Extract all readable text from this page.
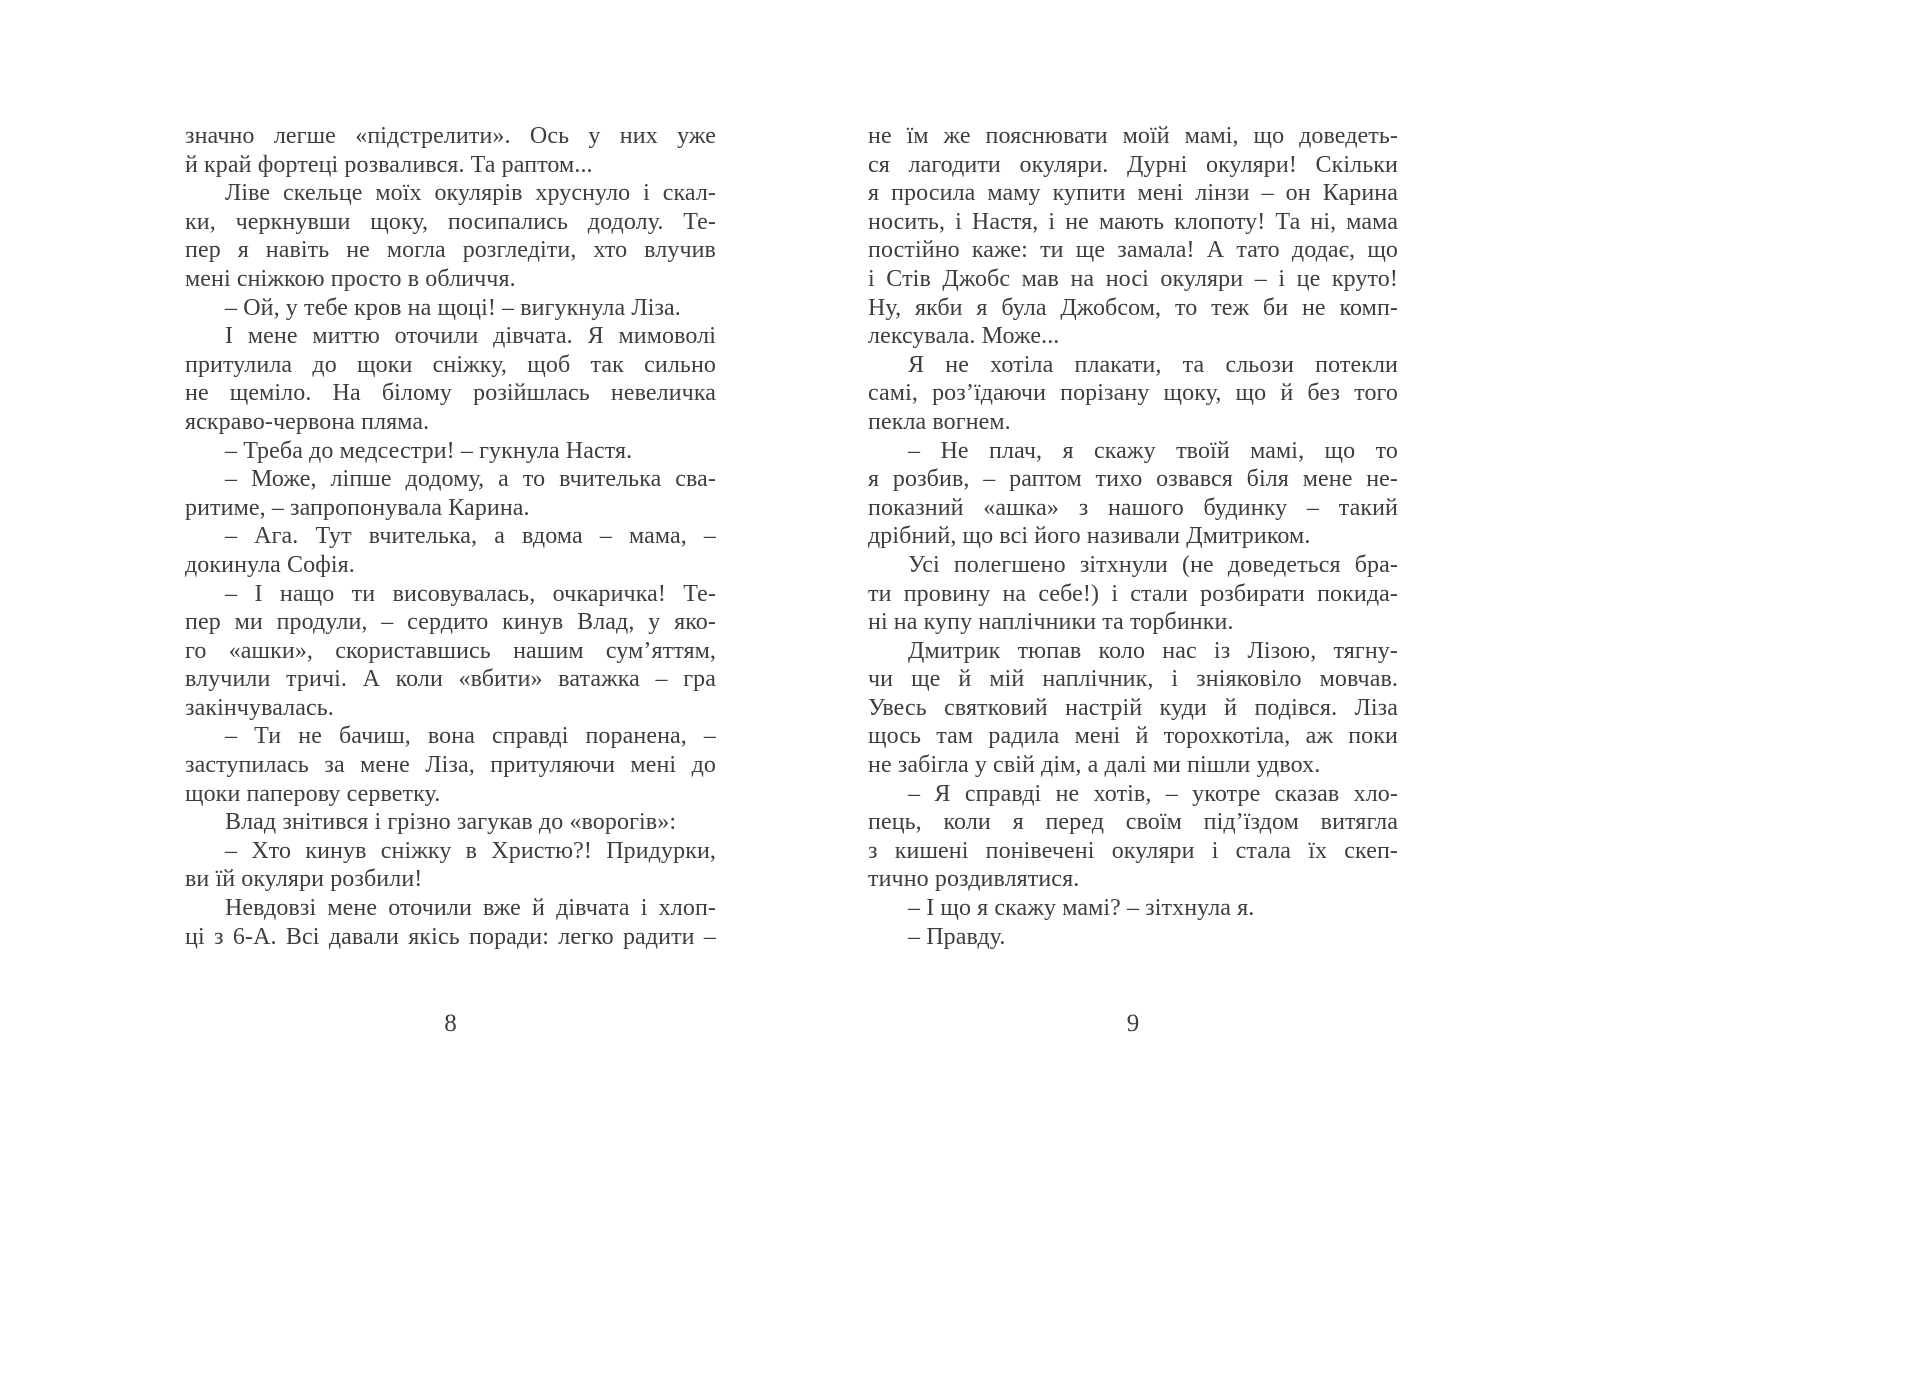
значно легше «підстрелити». Ось у них уже
й край фортеці розвалився. Та раптом...
Ліве скельце моїх окулярів хруснуло і скал-
ки, черкнувши щоку, посипались додолу. Те-
пер я навіть не могла розгледіти, хто влучив
мені сніжкою просто в обличчя.
– Ой, у тебе кров на щоці! – вигукнула Ліза.
І мене миттю оточили дівчата. Я мимоволі
притулила до щоки сніжку, щоб так сильно
не щеміло. На білому розійшлась невеличка
яскраво-червона пляма.
– Треба до медсестри! – гукнула Настя.
– Може, ліпше додому, а то вчителька сва-
ритиме, – запропонувала Карина.
– Ага. Тут вчителька, а вдома – мама, –
докинула Софія.
– І нащо ти висовувалась, очкаричка! Те-
пер ми продули, – сердито кинув Влад, у яко-
го «ашки», скориставшись нашим сум’яттям,
влучили тричі. А коли «вбити» ватажка – гра
закінчувалась.
– Ти не бачиш, вона справді поранена, –
заступилась за мене Ліза, притуляючи мені до
щоки паперову серветку.
Влад знітився і грізно загукав до «ворогів»:
– Хто кинув сніжку в Христю?! Придурки,
ви їй окуляри розбили!
Невдовзі мене оточили вже й дівчата і хлоп-
ці з 6-А. Всі давали якісь поради: легко радити –
8
не їм же пояснювати моїй мамі, що доведеть-
ся лагодити окуляри. Дурні окуляри! Скільки
я просила маму купити мені лінзи – он Карина
носить, і Настя, і не мають клопоту! Та ні, мама
постійно каже: ти ще замала! А тато додає, що
і Стів Джобс мав на носі окуляри – і це круто!
Ну, якби я була Джобсом, то теж би не комп-
лексувала. Може...
Я не хотіла плакати, та сльози потекли
самі, роз’їдаючи порізану щоку, що й без того
пекла вогнем.
– Не плач, я скажу твоїй мамі, що то
я розбив, – раптом тихо озвався біля мене не-
показний «ашка» з нашого будинку – такий
дрібний, що всі його називали Дмитриком.
Усі полегшено зітхнули (не доведеться бра-
ти провину на себе!) і стали розбирати покида-
ні на купу наплічники та торбинки.
Дмитрик тюпав коло нас із Лізою, тягну-
чи ще й мій наплічник, і зніяковіло мовчав.
Увесь святковий настрій куди й подівся. Ліза
щось там радила мені й торохкотіла, аж поки
не забігла у свій дім, а далі ми пішли удвох.
– Я справді не хотів, – укотре сказав хло-
пець, коли я перед своїм під’їздом витягла
з кишені понівечені окуляри і стала їх скеп-
тично роздивлятися.
– І що я скажу мамі? – зітхнула я.
– Правду.
9
